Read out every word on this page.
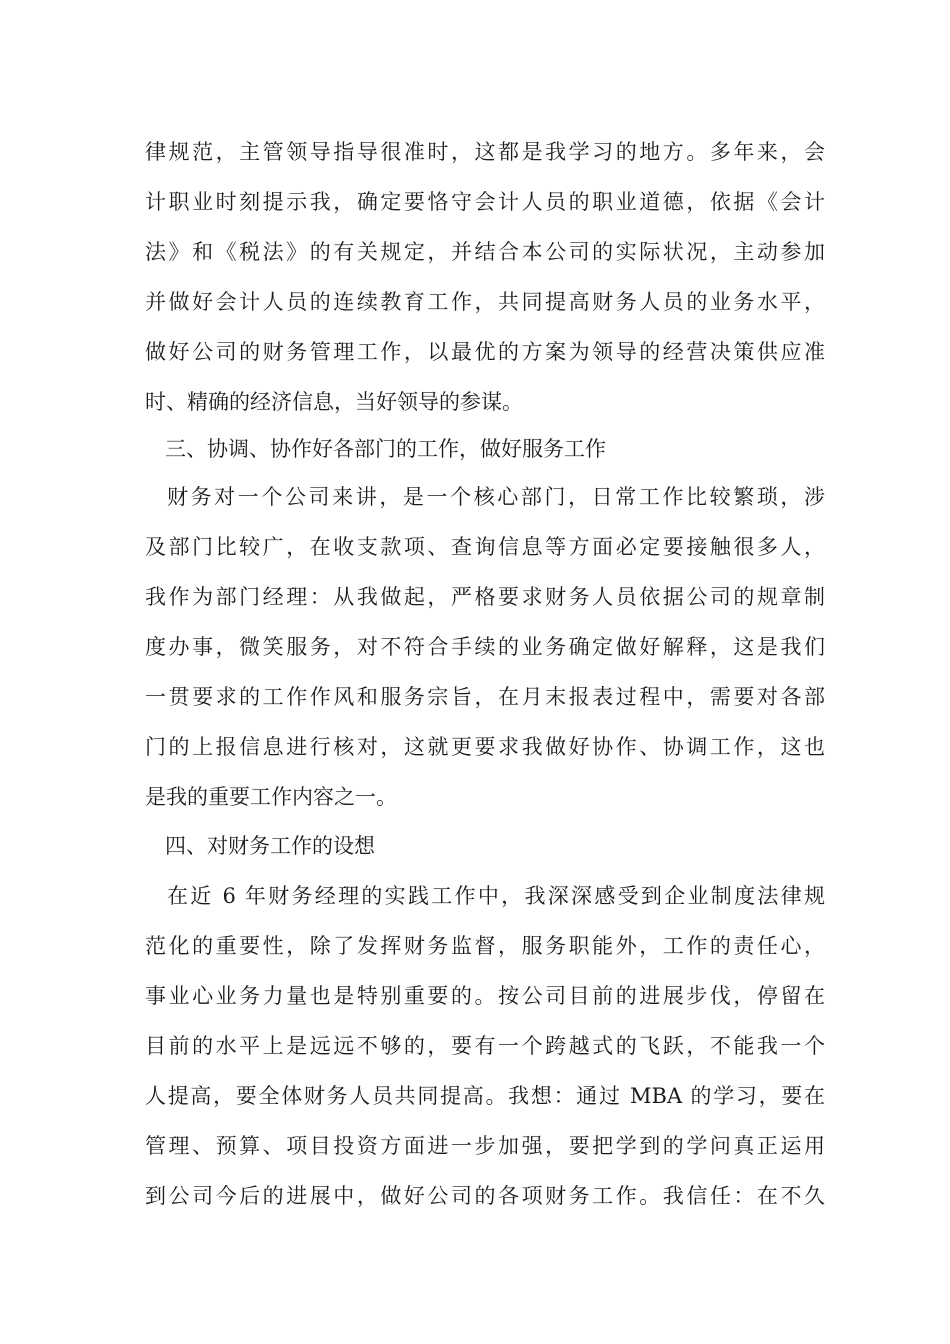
律规范，主管领导指导很准时，这都是我学习的地方。多年来，会
计职业时刻提示我，确定要恪守会计人员的职业道德，依据《会计
法》和《税法》的有关规定，并结合本公司的实际状况，主动参加
并做好会计人员的连续教育工作，共同提高财务人员的业务水平，
做好公司的财务管理工作，以最优的方案为领导的经营决策供应准
时、精确的经济信息，当好领导的参谋。
三、协调、协作好各部门的工作，做好服务工作
财务对一个公司来讲，是一个核心部门，日常工作比较繁琐，涉
及部门比较广，在收支款项、查询信息等方面必定要接触很多人，
我作为部门经理：从我做起，严格要求财务人员依据公司的规章制
度办事，微笑服务，对不符合手续的业务确定做好解释，这是我们
一贯要求的工作作风和服务宗旨，在月末报表过程中，需要对各部
门的上报信息进行核对，这就更要求我做好协作、协调工作，这也
是我的重要工作内容之一。
四、对财务工作的设想
在近 6 年财务经理的实践工作中，我深深感受到企业制度法律规
范化的重要性，除了发挥财务监督，服务职能外，工作的责任心，
事业心业务力量也是特别重要的。按公司目前的进展步伐，停留在
目前的水平上是远远不够的，要有一个跨越式的飞跃，不能我一个
人提高，要全体财务人员共同提高。我想：通过 MBA 的学习，要在
管理、预算、项目投资方面进一步加强，要把学到的学问真正运用
到公司今后的进展中，做好公司的各项财务工作。我信任：在不久
